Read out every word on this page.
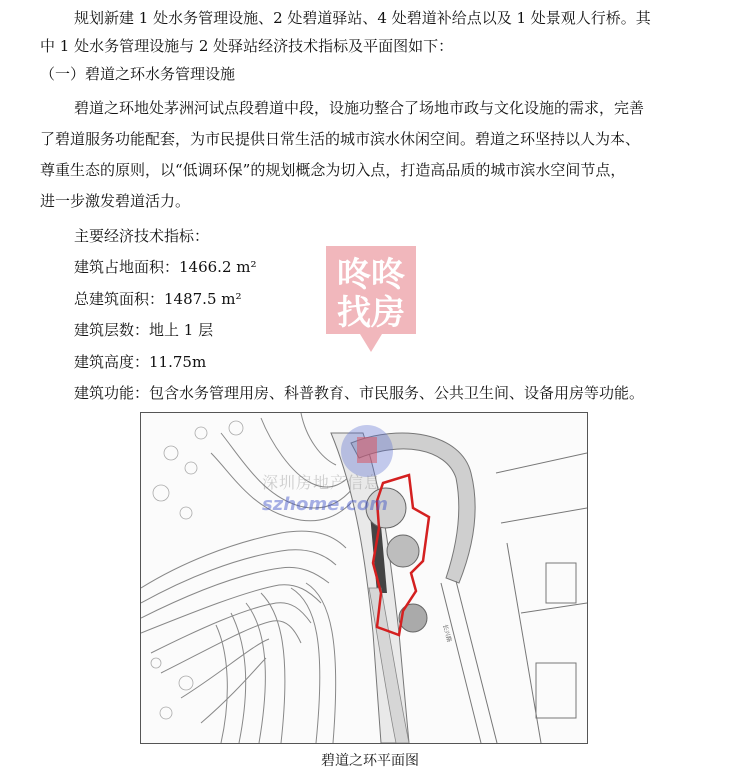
规划新建 1 处水务管理设施、2 处碧道驿站、4 处碧道补给点以及 1 处景观人行桥。其
中 1 处水务管理设施与 2 处驿站经济技术指标及平面图如下：
（一）碧道之环水务管理设施
碧道之环地处茅洲河试点段碧道中段，设施功整合了场地市政与文化设施的需求，完善
了碧道服务功能配套，为市民提供日常生活的城市滨水休闲空间。碧道之环坚持以人为本、
尊重生态的原则，以“低调环保”的规划概念为切入点，打造高品质的城市滨水空间节点，
进一步激发碧道活力。
主要经济技术指标：
建筑占地面积：1466.2 m²
总建筑面积：1487.5 m²
建筑层数：地上 1 层
建筑高度：11.75m
建筑功能：包含水务管理用房、科普教育、市民服务、公共卫生间、设备用房等功能。
咚咚
找房
长兴路
深圳房地产信息
szhome.com
碧道之环平面图
